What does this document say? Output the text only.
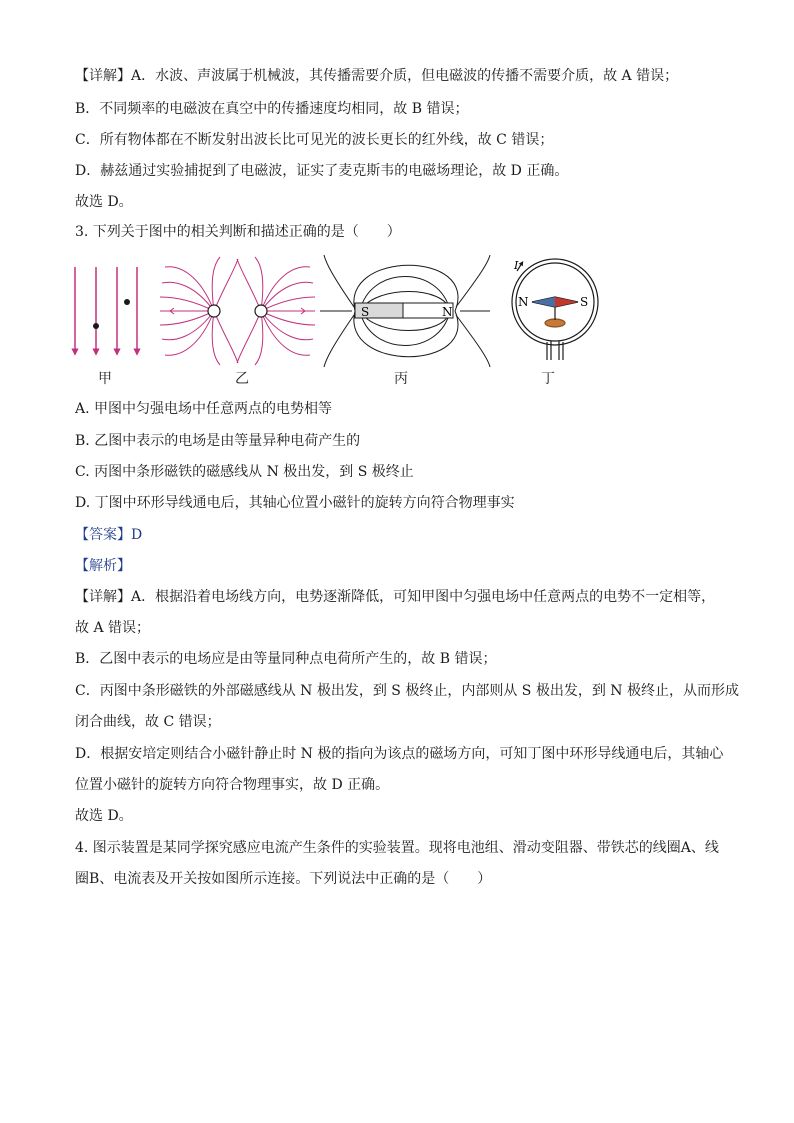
【详解】A．水波、声波属于机械波，其传播需要介质，但电磁波的传播不需要介质，故 A 错误；
B．不同频率的电磁波在真空中的传播速度均相同，故 B 错误；
C．所有物体都在不断发射出波长比可见光的波长更长的红外线，故 C 错误；
D．赫兹通过实验捕捉到了电磁波，证实了麦克斯韦的电磁场理论，故 D 正确。
故选 D。
3. 下列关于图中的相关判断和描述正确的是（　　）
S	N
I
N	S
甲	乙	丙	丁
A. 甲图中匀强电场中任意两点的电势相等
B. 乙图中表示的电场是由等量异种电荷产生的
C. 丙图中条形磁铁的磁感线从 N 极出发，到 S 极终止
D. 丁图中环形导线通电后，其轴心位置小磁针的旋转方向符合物理事实
【答案】D
【解析】
【详解】A．根据沿着电场线方向，电势逐渐降低，可知甲图中匀强电场中任意两点的电势不一定相等，
故 A 错误；
B．乙图中表示的电场应是由等量同种点电荷所产生的，故 B 错误；
C．丙图中条形磁铁的外部磁感线从 N 极出发，到 S 极终止，内部则从 S 极出发，到 N 极终止，从而形成
闭合曲线，故 C 错误；
D．根据安培定则结合小磁针静止时 N 极的指向为该点的磁场方向，可知丁图中环形导线通电后，其轴心
位置小磁针的旋转方向符合物理事实，故 D 正确。
故选 D。
4. 图示装置是某同学探究感应电流产生条件的实验装置。现将电池组、滑动变阻器、带铁芯的线圈A、线
圈B、电流表及开关按如图所示连接。下列说法中正确的是（　　）
